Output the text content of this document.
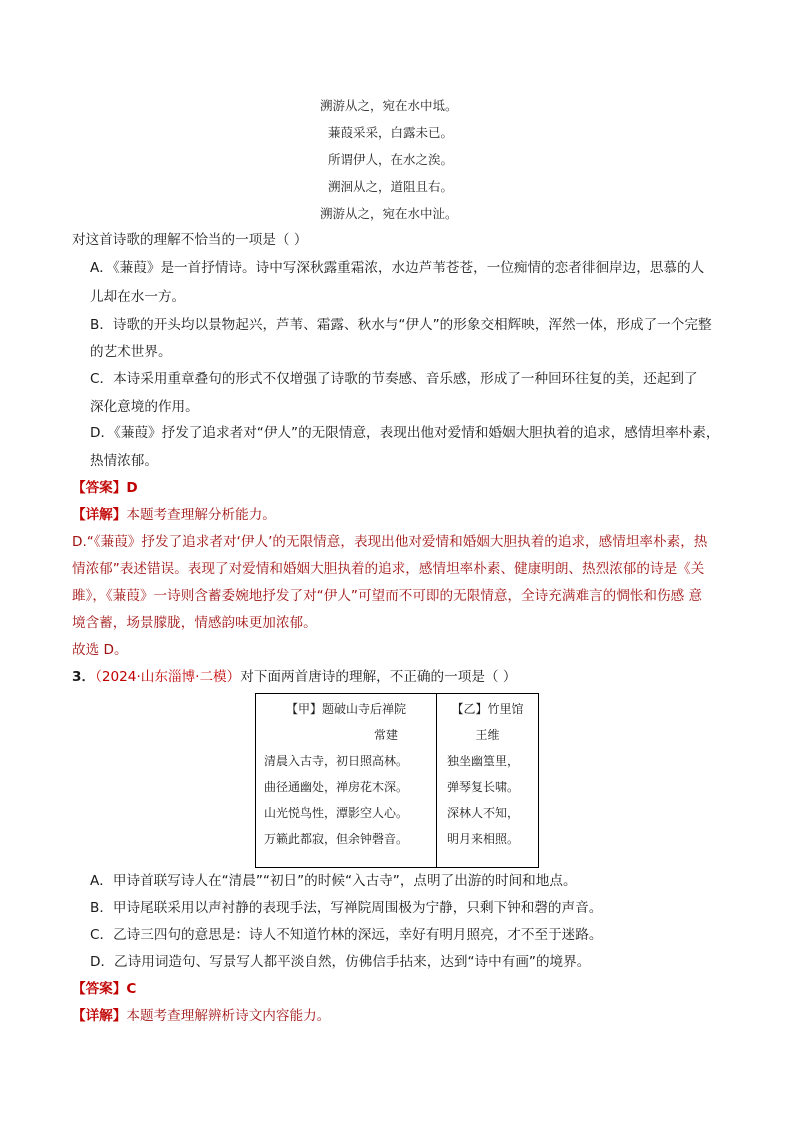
溯游从之，宛在水中坻。
蒹葭采采，白露未已。
所谓伊人，在水之涘。
溯洄从之，道阻且右。
溯游从之，宛在水中沚。
对这首诗歌的理解不恰当的一项是（ ）
A．《蒹葭》是一首抒情诗。诗中写深秋露重霜浓，水边芦苇苍苍，一位痴情的恋者徘徊岸边，思慕的人
儿却在水一方。
B．诗歌的开头均以景物起兴，芦苇、霜露、秋水与“伊人”的形象交相辉映，浑然一体，形成了一个完整
的艺术世界。
C．本诗采用重章叠句的形式不仅增强了诗歌的节奏感、音乐感，形成了一种回环往复的美，还起到了
深化意境的作用。
D．《蒹葭》抒发了追求者对“伊人”的无限情意，表现出他对爱情和婚姻大胆执着的追求，感情坦率朴素，
热情浓郁。
【答案】D
【详解】本题考查理解分析能力。
D.“《蒹葭》抒发了追求者对‘伊人’的无限情意，表现出他对爱情和婚姻大胆执着的追求，感情坦率朴素，热
情浓郁”表述错误。表现了对爱情和婚姻大胆执着的追求，感情坦率朴素、健康明朗、热烈浓郁的诗是《关
雎》，《蒹葭》一诗则含蓄委婉地抒发了对“伊人”可望而不可即的无限情意，全诗充满难言的惆怅和伤感 意
境含蓄，场景朦胧，情感韵味更加浓郁。
故选 D。
3．（2024·山东淄博·二模）对下面两首唐诗的理解，不正确的一项是（ ）
【甲】题破山寺后禅院
常建
清晨入古寺，初日照高林。
曲径通幽处，禅房花木深。
山光悦鸟性，潭影空人心。
万籁此都寂，但余钟磬音。

【乙】竹里馆
王维
独坐幽篁里，
弹琴复长啸。
深林人不知，
明月来相照。
A．甲诗首联写诗人在“清晨”“初日”的时候“入古寺”，点明了出游的时间和地点。
B．甲诗尾联采用以声衬静的表现手法，写禅院周围极为宁静，只剩下钟和磬的声音。
C．乙诗三四句的意思是：诗人不知道竹林的深远，幸好有明月照亮，才不至于迷路。
D．乙诗用词造句、写景写人都平淡自然，仿佛信手拈来，达到“诗中有画”的境界。
【答案】C
【详解】本题考查理解辨析诗文内容能力。
